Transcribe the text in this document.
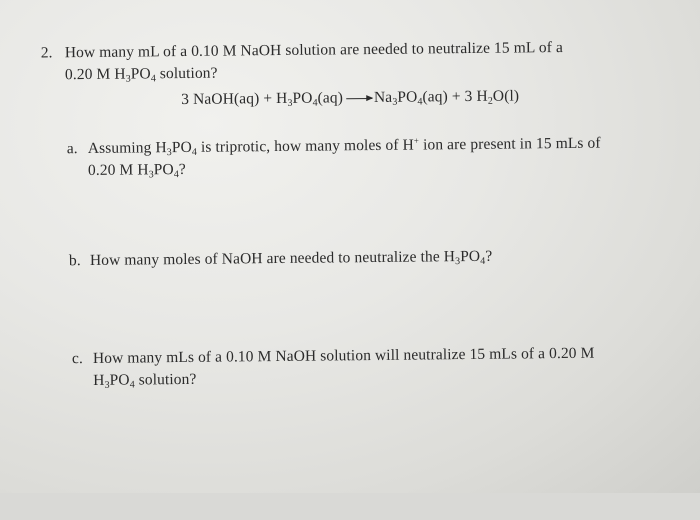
2. How many mL of a 0.10 M NaOH solution are needed to neutralize 15 mL of a
0.20 M $H_3PO_4$ solution?
3 NaOH(aq) + $H_3PO_4(aq) Na_3PO_4(aq) + 3$ $H_2O(l)$
a. Assuming $H_3PO_4$ is triprotic, how many moles of H+ ion are present in 15 mLs of
0.20 M $H_3PO_4$?
b. How many moles of NaOH are needed to neutralize the $H_3PO_4$?
c. How many mLs of a 0.10 M NaOH solution will neutralize 15 mLs of a 0.20 M
$H_3PO_4$ solution?
